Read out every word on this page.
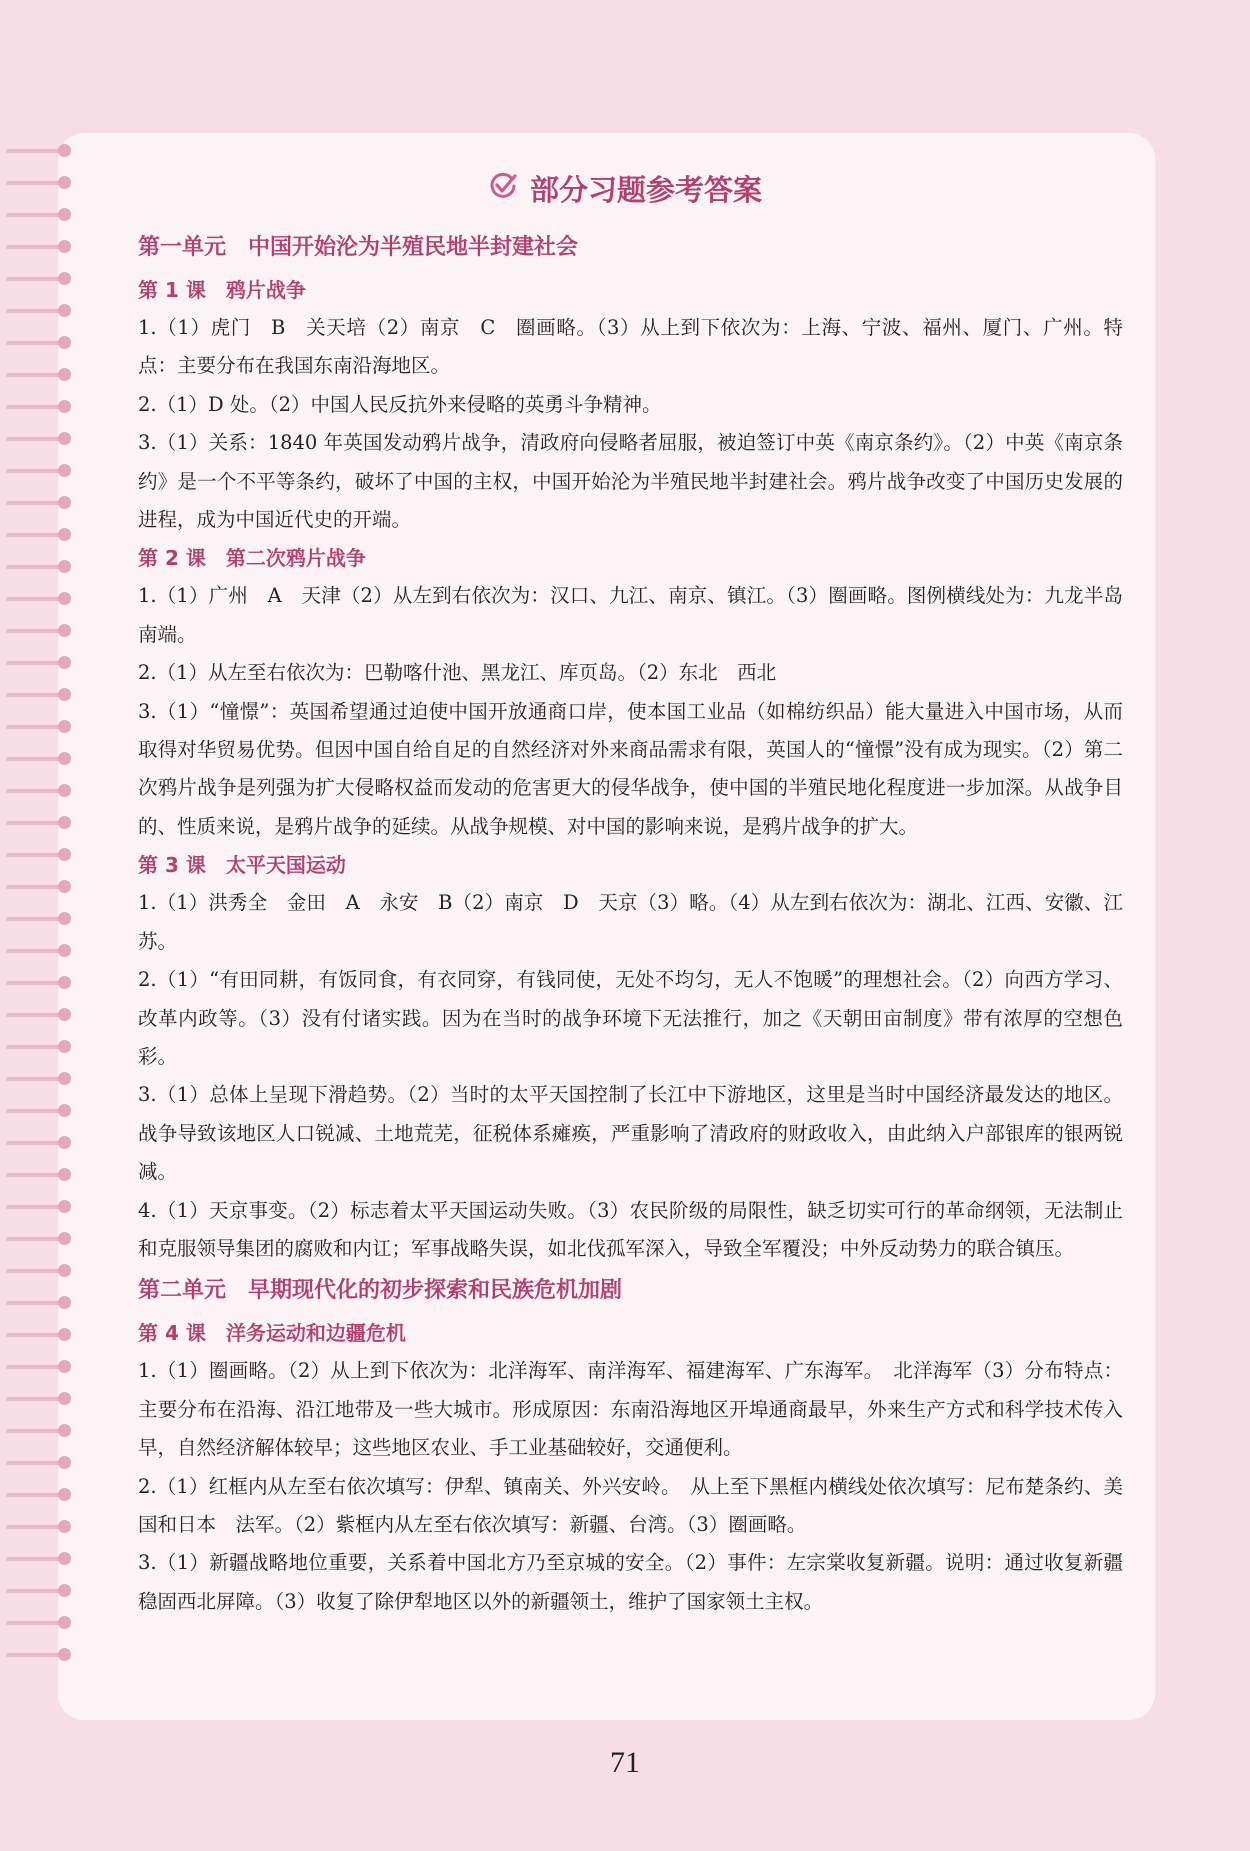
部分习题参考答案
第一单元　中国开始沦为半殖民地半封建社会
第 1 课　鸦片战争

1.（1）虎门　B　关天培（2）南京　C　圈画略。（3）从上到下依次为：上海、宁波、福州、厦门、广州。特点：主要分布在我国东南沿海地区。

2.（1）D 处。（2）中国人民反抗外来侵略的英勇斗争精神。

3.（1）关系：1840 年英国发动鸦片战争，清政府向侵略者屈服，被迫签订中英《南京条约》。（2）中英《南京条约》是一个不平等条约，破坏了中国的主权，中国开始沦为半殖民地半封建社会。鸦片战争改变了中国历史发展的进程，成为中国近代史的开端。

第 2 课　第二次鸦片战争

1.（1）广州　A　天津（2）从左到右依次为：汉口、九江、南京、镇江。（3）圈画略。图例横线处为：九龙半岛南端。

2.（1）从左至右依次为：巴勒喀什池、黑龙江、库页岛。（2）东北　西北

3.（1）“憧憬”：英国希望通过迫使中国开放通商口岸，使本国工业品（如棉纺织品）能大量进入中国市场，从而取得对华贸易优势。但因中国自给自足的自然经济对外来商品需求有限，英国人的“憧憬”没有成为现实。（2）第二次鸦片战争是列强为扩大侵略权益而发动的危害更大的侵华战争，使中国的半殖民地化程度进一步加深。从战争目的、性质来说，是鸦片战争的延续。从战争规模、对中国的影响来说，是鸦片战争的扩大。

第 3 课　太平天国运动

1.（1）洪秀全　金田　A　永安　B（2）南京　D　天京（3）略。（4）从左到右依次为：湖北、江西、安徽、江苏。

2.（1）“有田同耕，有饭同食，有衣同穿，有钱同使，无处不均匀，无人不饱暖”的理想社会。（2）向西方学习、改革内政等。（3）没有付诸实践。因为在当时的战争环境下无法推行，加之《天朝田亩制度》带有浓厚的空想色彩。

3.（1）总体上呈现下滑趋势。（2）当时的太平天国控制了长江中下游地区，这里是当时中国经济最发达的地区。战争导致该地区人口锐减、土地荒芜，征税体系瘫痪，严重影响了清政府的财政收入，由此纳入户部银库的银两锐减。

4.（1）天京事变。（2）标志着太平天国运动失败。（3）农民阶级的局限性，缺乏切实可行的革命纲领，无法制止和克服领导集团的腐败和内讧；军事战略失误，如北伐孤军深入，导致全军覆没；中外反动势力的联合镇压。

第二单元　早期现代化的初步探索和民族危机加剧
第 4 课　洋务运动和边疆危机

1.（1）圈画略。（2）从上到下依次为：北洋海军、南洋海军、福建海军、广东海军。　北洋海军（3）分布特点：主要分布在沿海、沿江地带及一些大城市。形成原因：东南沿海地区开埠通商最早，外来生产方式和科学技术传入早，自然经济解体较早；这些地区农业、手工业基础较好，交通便利。

2.（1）红框内从左至右依次填写：伊犁、镇南关、外兴安岭。　从上至下黑框内横线处依次填写：尼布楚条约、美国和日本　法军。（2）紫框内从左至右依次填写：新疆、台湾。（3）圈画略。

3.（1）新疆战略地位重要，关系着中国北方乃至京城的安全。（2）事件：左宗棠收复新疆。说明：通过收复新疆稳固西北屏障。（3）收复了除伊犁地区以外的新疆领土，维护了国家领土主权。

71
